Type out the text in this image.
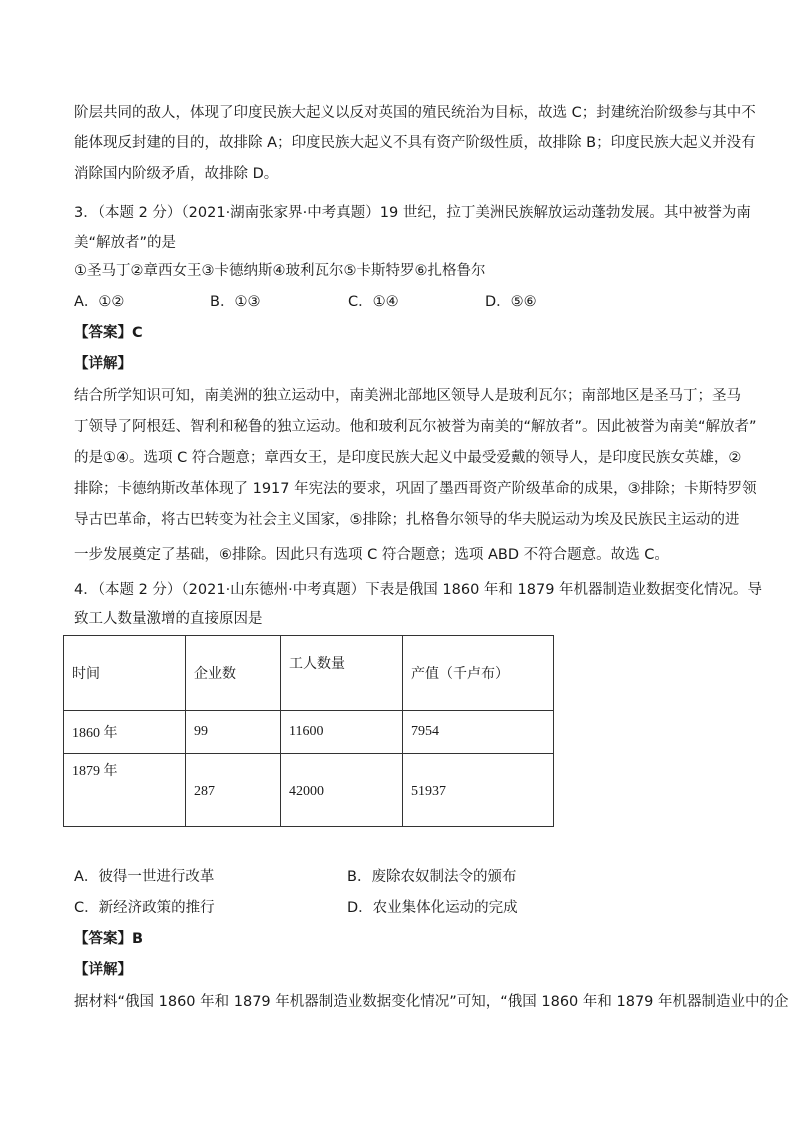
阶层共同的敌人，体现了印度民族大起义以反对英国的殖民统治为目标，故选 C；封建统治阶级参与其中不
能体现反封建的目的，故排除 A；印度民族大起义不具有资产阶级性质，故排除 B；印度民族大起义并没有
消除国内阶级矛盾，故排除 D。
3．（本题 2 分）（2021·湖南张家界·中考真题）19 世纪，拉丁美洲民族解放运动蓬勃发展。其中被誉为南
美“解放者”的是
①圣马丁②章西女王③卡德纳斯④玻利瓦尔⑤卡斯特罗⑥扎格鲁尔
A．①②	B．①③	C．①④	D．⑤⑥
【答案】C
【详解】
结合所学知识可知，南美洲的独立运动中，南美洲北部地区领导人是玻利瓦尔；南部地区是圣马丁；圣马
丁领导了阿根廷、智利和秘鲁的独立运动。他和玻利瓦尔被誉为南美的“解放者”。因此被誉为南美“解放者”
的是①④。选项 C 符合题意；章西女王，是印度民族大起义中最受爱戴的领导人，是印度民族女英雄，②
排除；卡德纳斯改革体现了 1917 年宪法的要求，巩固了墨西哥资产阶级革命的成果，③排除；卡斯特罗领
导古巴革命，将古巴转变为社会主义国家，⑤排除；扎格鲁尔领导的华夫脱运动为埃及民族民主运动的进
一步发展奠定了基础，⑥排除。因此只有选项 C 符合题意；选项 ABD 不符合题意。故选 C。
4．（本题 2 分）（2021·山东德州·中考真题）下表是俄国 1860 年和 1879 年机器制造业数据变化情况。导
致工人数量激增的直接原因是
时间	企业数	工人数量	产值（千卢布）
1860 年	99	11600	7954

1879 年	287	42000	51937
A．彼得一世进行改革	B．废除农奴制法令的颁布
C．新经济政策的推行	D．农业集体化运动的完成
【答案】B
【详解】
据材料“俄国 1860 年和 1879 年机器制造业数据变化情况”可知，“俄国 1860 年和 1879 年机器制造业中的企
